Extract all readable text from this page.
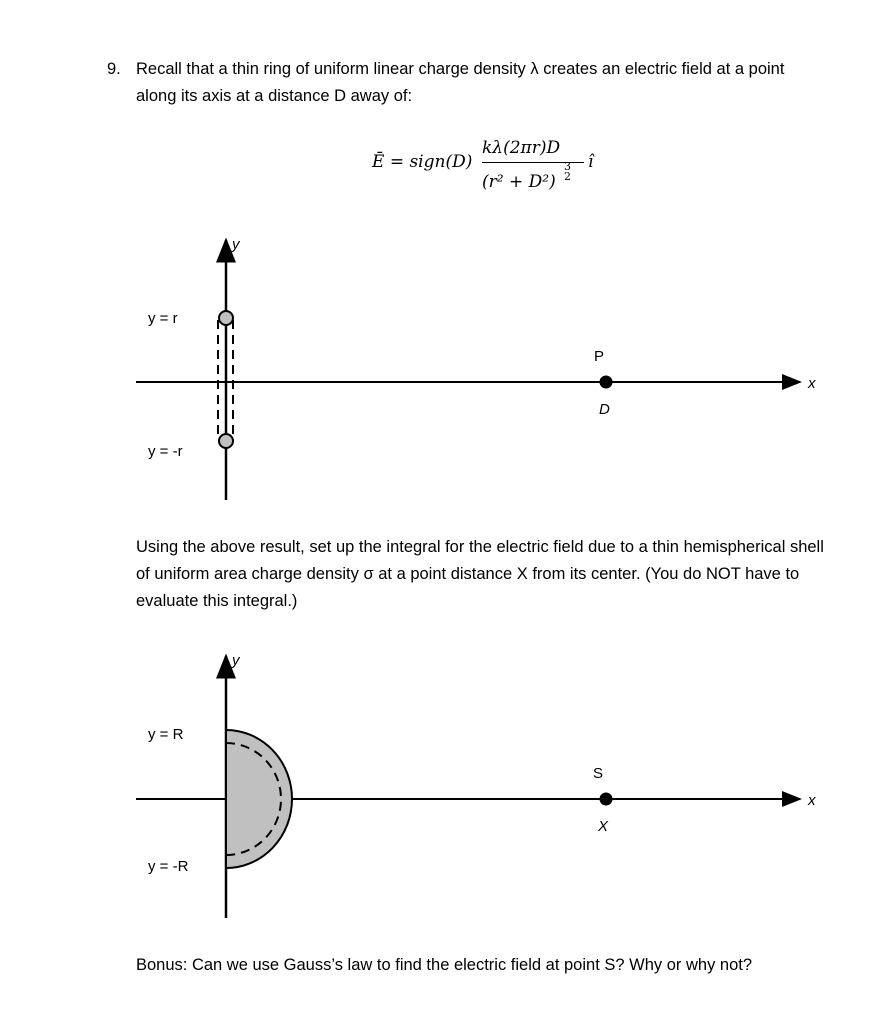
9. Recall that a thin ring of uniform linear charge density λ creates an electric field at a point along its axis at a distance D away of:
Ē = sign(D)
kλ(2πr)D
(r² + D²)
3
2
î
y
x
y = r
y = -r
P
D
Using the above result, set up the integral for the electric field due to a thin hemispherical shell of uniform area charge density σ at a point distance X from its center. (You do NOT have to evaluate this integral.)
y
x
y = R
y = -R
S
X
Bonus: Can we use Gauss’s law to find the electric field at point S? Why or why not?
